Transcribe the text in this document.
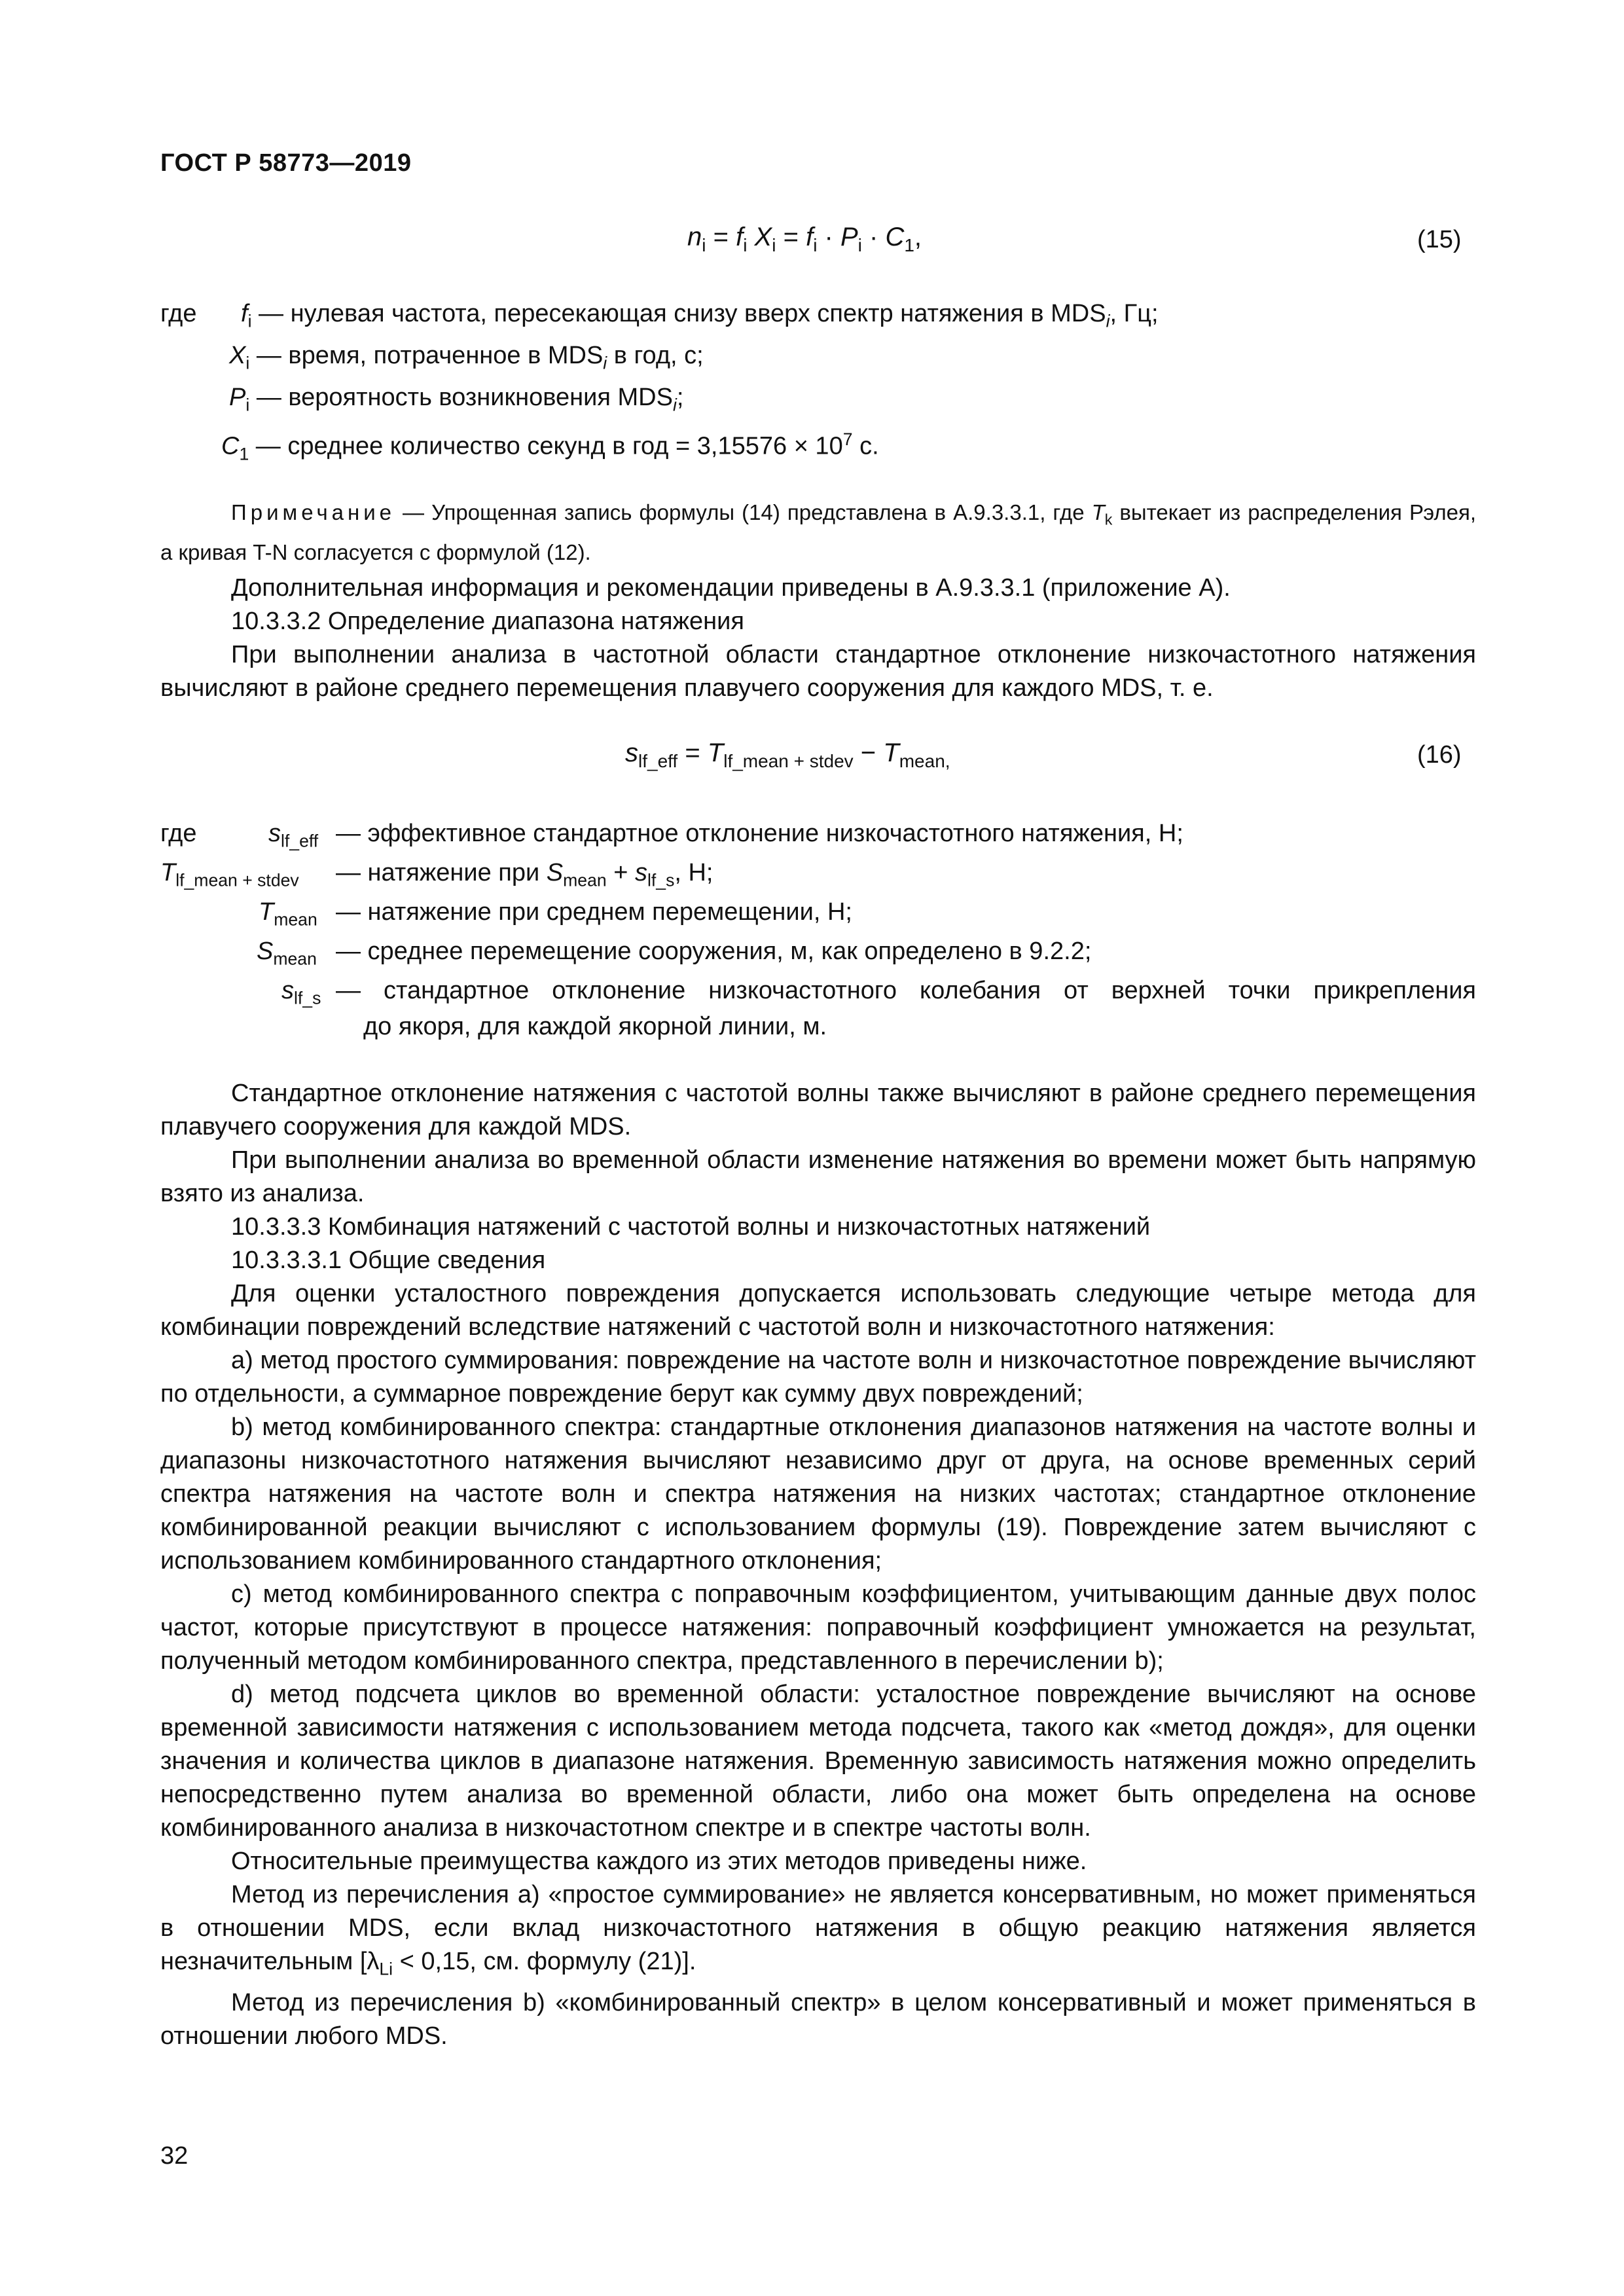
ГОСТ Р 58773—2019
$n_i = f_i$ $X_i = f_i \cdot P_i \cdot C_1$,	(15)
где $f_i$ — нулевая частота, пересекающая снизу вверх спектр натяжения в $MDS_i$, Гц;
$X_i$ — время, потраченное в $MDS_i$ в год, с;
$P_i$ — вероятность возникновения $MDS_i$;
$C_1$ — среднее количество секунд в год = $3,15576 \times 10^7$ с.
Примечание — Упрощенная запись формулы (14) представлена в А.9.3.3.1, где $T_k$ вытекает из распределения Рэлея, а кривая T-N согласуется с формулой (12).

Дополнительная информация и рекомендации приведены в А.9.3.3.1 (приложение А).

10.3.3.2 Определение диапазона натяжения

При выполнении анализа в частотной области стандартное отклонение низкочастотного натяжения вычисляют в районе среднего перемещения плавучего сооружения для каждого MDS, т. е.

$s_{lf\_eff} = T_{lf\_mean + stdev} - T_{mean,}$	(16)
где	$s_{lf\_eff}$ — эффективное стандартное отклонение низкочастотного натяжения, Н;
$T_{lf\_mean + stdev}$ — натяжение при $S_{mean} + s_{lf\_s}$, Н;
$T_{mean}$ — натяжение при среднем перемещении, Н;
$S_{mean}$ — среднее перемещение сооружения, м, как определено в 9.2.2;
$s_{lf\_s}$ — стандартное отклонение низкочастотного колебания от верхней точки прикрепления
до якоря, для каждой якорной линии, м.

Стандартное отклонение натяжения с частотой волны также вычисляют в районе среднего перемещения плавучего сооружения для каждой MDS.

При выполнении анализа во временной области изменение натяжения во времени может быть напрямую взято из анализа.

10.3.3.3 Комбинация натяжений с частотой волны и низкочастотных натяжений

10.3.3.3.1 Общие сведения

Для оценки усталостного повреждения допускается использовать следующие четыре метода для комбинации повреждений вследствие натяжений с частотой волн и низкочастотного натяжения:

a) метод простого суммирования: повреждение на частоте волн и низкочастотное повреждение вычисляют по отдельности, а суммарное повреждение берут как сумму двух повреждений;

b) метод комбинированного спектра: стандартные отклонения диапазонов натяжения на частоте волны и диапазоны низкочастотного натяжения вычисляют независимо друг от друга, на основе временных серий спектра натяжения на частоте волн и спектра натяжения на низких частотах; стандартное отклонение комбинированной реакции вычисляют с использованием формулы (19). Повреждение затем вычисляют с использованием комбинированного стандартного отклонения;

c) метод комбинированного спектра с поправочным коэффициентом, учитывающим данные двух полос частот, которые присутствуют в процессе натяжения: поправочный коэффициент умножается на результат, полученный методом комбинированного спектра, представленного в перечислении b);

d) метод подсчета циклов во временной области: усталостное повреждение вычисляют на основе временной зависимости натяжения с использованием метода подсчета, такого как «метод дождя», для оценки значения и количества циклов в диапазоне натяжения. Временную зависимость натяжения можно определить непосредственно путем анализа во временной области, либо она может быть определена на основе комбинированного анализа в низкочастотном спектре и в спектре частоты волн.

Относительные преимущества каждого из этих методов приведены ниже.

Метод из перечисления а) «простое суммирование» не является консервативным, но может применяться в отношении MDS, если вклад низкочастотного натяжения в общую реакцию натяжения является незначительным [$\lambda_{Li} < 0,15$, см. формулу (21)].

Метод из перечисления b) «комбинированный спектр» в целом консервативный и может применяться в отношении любого MDS.

32
